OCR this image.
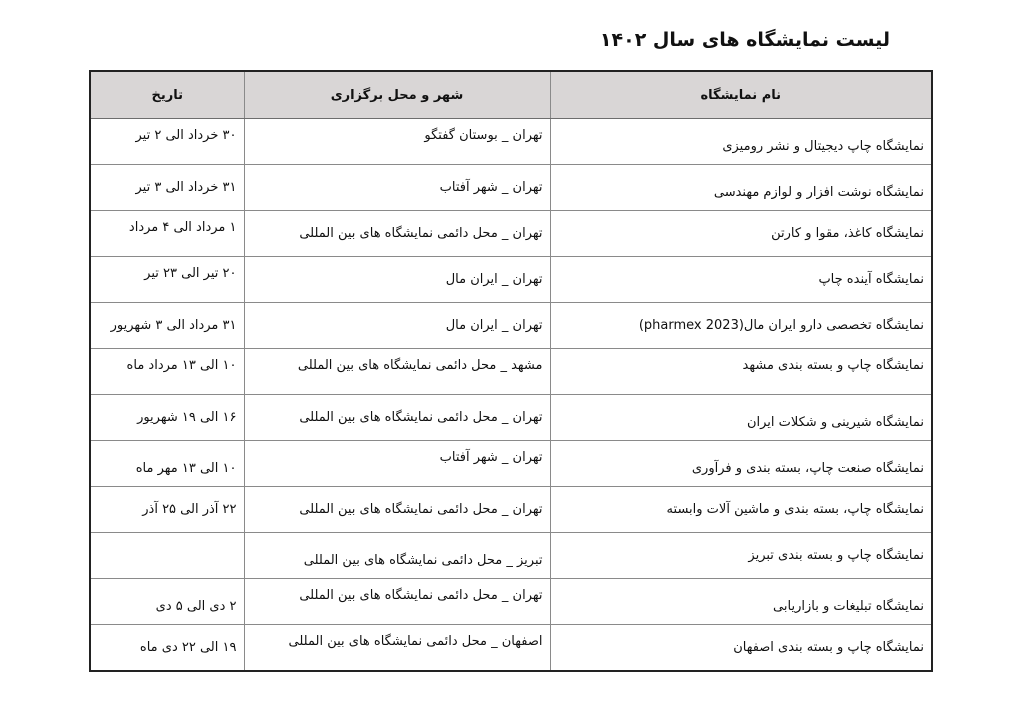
لیست نمایشگاه های سال ۱۴۰۲
نام نمایشگاه	شهر و محل برگزاری	تاریخ
نمایشگاه چاپ دیجیتال و نشر رومیزی	تهران _ بوستان گفتگو	۳۰ خرداد الی ۲ تیر
نمایشگاه نوشت افزار و لوازم مهندسی	تهران _ شهر آفتاب	۳۱ خرداد الی ۳ تیر
نمایشگاه کاغذ، مقوا و کارتن	تهران _ محل دائمی نمایشگاه های بین المللی	۱ مرداد الی ۴ مرداد
نمایشگاه آینده چاپ	تهران _ ایران مال	۲۰ تیر الی ۲۳ تیر
نمایشگاه تخصصی دارو ایران مال(2023 pharmex)	تهران _ ایران مال	۳۱ مرداد الی ۳ شهریور
نمایشگاه چاپ و بسته بندی مشهد	مشهد _ محل دائمی نمایشگاه های بین المللی	۱۰ الی ۱۳ مرداد ماه
نمایشگاه شیرینی و شکلات ایران	تهران _ محل دائمی نمایشگاه های بین المللی	۱۶ الی ۱۹ شهریور
نمایشگاه صنعت چاپ، بسته بندی و فرآوری	تهران _ شهر آفتاب	۱۰ الی ۱۳ مهر ماه
نمایشگاه چاپ، بسته بندی و ماشین آلات وابسته	تهران _ محل دائمی نمایشگاه های بین المللی	۲۲ آذر الی ۲۵ آذر
نمایشگاه چاپ و بسته بندی تبریز	تبریز _ محل دائمی نمایشگاه های بین المللی	
نمایشگاه تبلیغات و بازاریابی	تهران _ محل دائمی نمایشگاه های بین المللی	۲ دی الی ۵ دی
نمایشگاه چاپ و بسته بندی اصفهان	اصفهان _ محل دائمی نمایشگاه های بین المللی	۱۹ الی ۲۲ دی ماه
